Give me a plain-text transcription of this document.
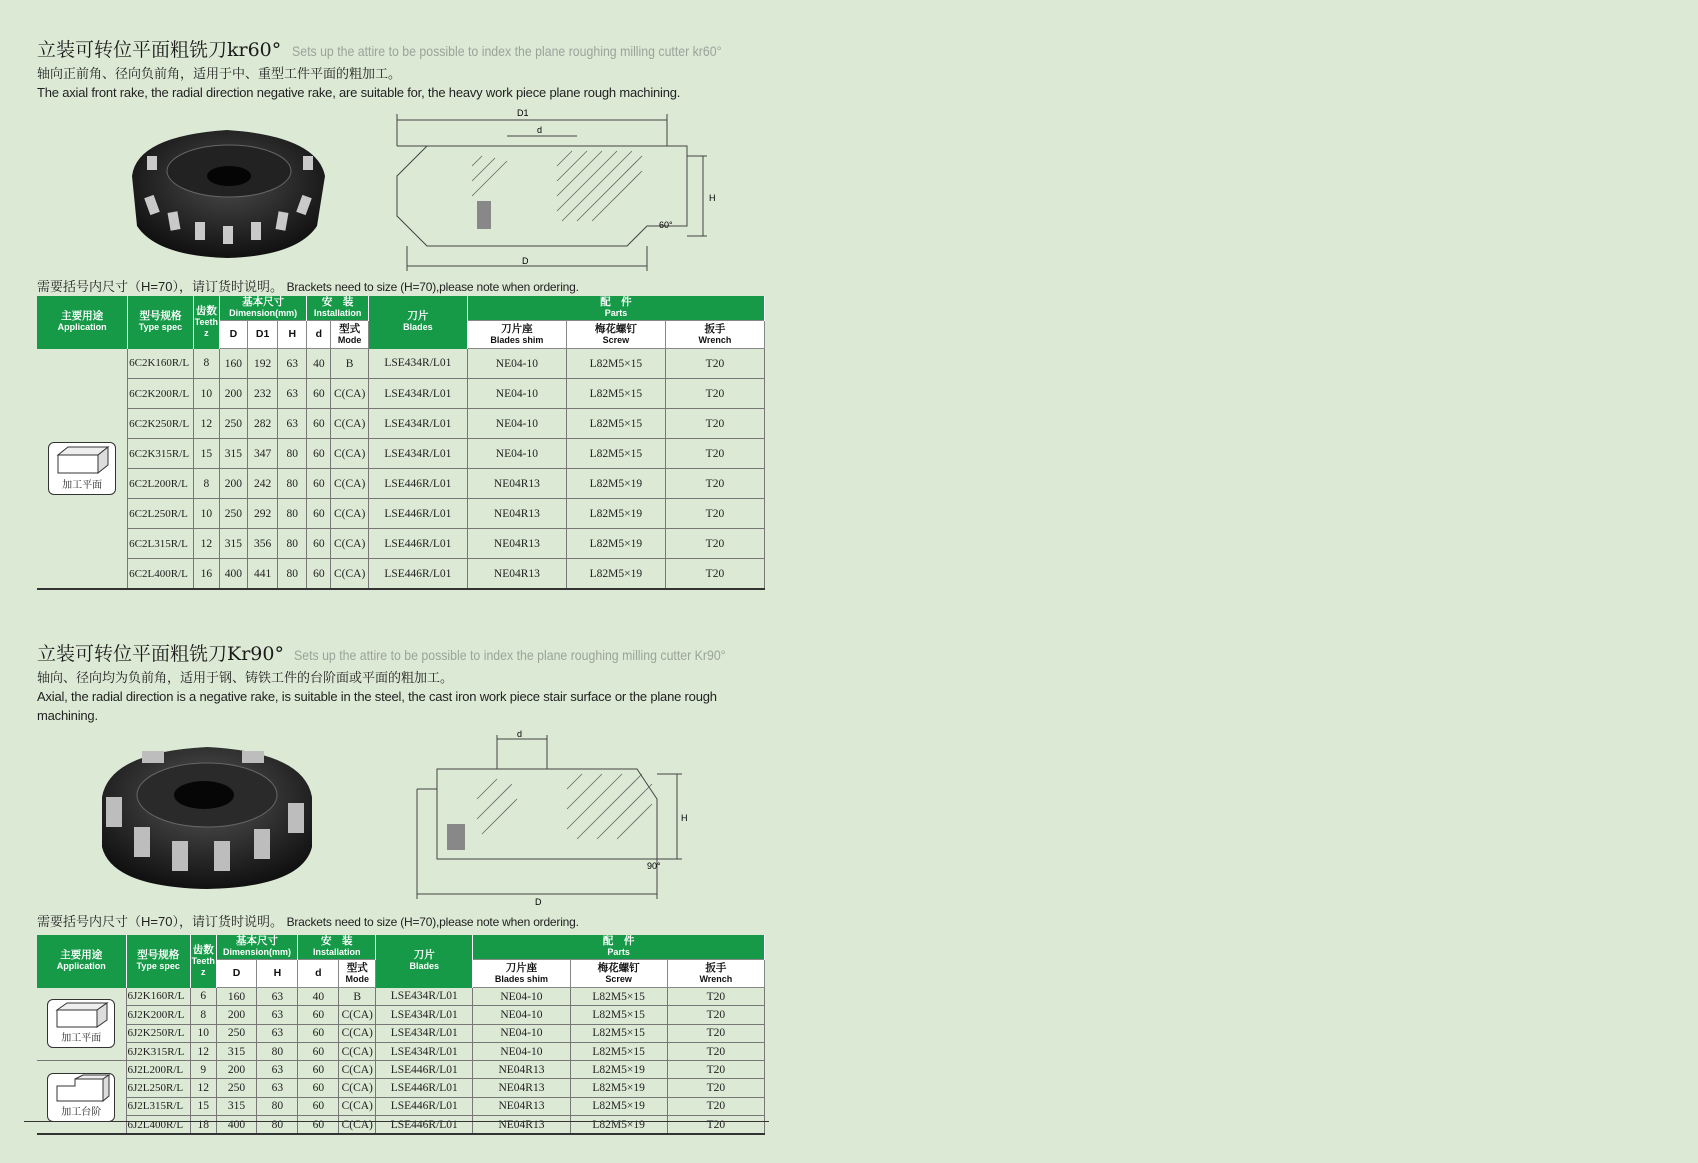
立装可转位平面粗铣刀kr60° Sets up the attire to be possible to index the plane roughing milling cutter kr60°
轴向正前角、径向负前角，适用于中、重型工件平面的粗加工。
The axial front rake, the radial direction negative rake, are suitable for, the heavy work piece plane rough machining.
D1
d
H
D
60°
需要括号内尺寸（H=70），请订货时说明。 Brackets need to size (H=70),please note when ordering.
主要用途
Application	型号规格
Type spec	齿数
Teeth
z	基本尺寸
Dimension(mm)			安　装
Installation		刀片
Blades	配　件
Parts		

			D	D1	H	d	型式
Mode		刀片座
Blades shim	梅花螺钉
Screw	扳手
Wrench

加工平面	6C2K160R/L	8	160	192	63	40	B	LSE434R/L01	NE04-10	L82M5×15	T20
	6C2K200R/L	10	200	232	63	60	C(CA)	LSE434R/L01	NE04-10	L82M5×15	T20
	6C2K250R/L	12	250	282	63	60	C(CA)	LSE434R/L01	NE04-10	L82M5×15	T20
	6C2K315R/L	15	315	347	80	60	C(CA)	LSE434R/L01	NE04-10	L82M5×15	T20
	6C2L200R/L	8	200	242	80	60	C(CA)	LSE446R/L01	NE04R13	L82M5×19	T20
	6C2L250R/L	10	250	292	80	60	C(CA)	LSE446R/L01	NE04R13	L82M5×19	T20
	6C2L315R/L	12	315	356	80	60	C(CA)	LSE446R/L01	NE04R13	L82M5×19	T20
	6C2L400R/L	16	400	441	80	60	C(CA)	LSE446R/L01	NE04R13	L82M5×19	T20
立装可转位平面粗铣刀Kr90° Sets up the attire to be possible to index the plane roughing milling cutter Kr90°
轴向、径向均为负前角，适用于钢、铸铁工件的台阶面或平面的粗加工。
Axial, the radial direction is a negative rake, is suitable in the steel, the cast iron work piece stair surface or the plane rough machining.
d
H
D
90°
需要括号内尺寸（H=70），请订货时说明。 Brackets need to size (H=70),please note when ordering.
主要用途
Application	型号规格
Type spec	齿数
Teeth
z	基本尺寸
Dimension(mm)		安　装
Installation		刀片
Blades	配　件
Parts		

			D	H	d	型式
Mode		刀片座
Blades shim	梅花螺钉
Screw	扳手
Wrench

加工平面	6J2K160R/L	6	160	63	40	B	LSE434R/L01	NE04-10	L82M5×15	T20
	6J2K200R/L	8	200	63	60	C(CA)	LSE434R/L01	NE04-10	L82M5×15	T20
	6J2K250R/L	10	250	63	60	C(CA)	LSE434R/L01	NE04-10	L82M5×15	T20
	6J2K315R/L	12	315	80	60	C(CA)	LSE434R/L01	NE04-10	L82M5×15	T20

加工台阶	6J2L200R/L	9	200	63	60	C(CA)	LSE446R/L01	NE04R13	L82M5×19	T20
	6J2L250R/L	12	250	63	60	C(CA)	LSE446R/L01	NE04R13	L82M5×19	T20
	6J2L315R/L	15	315	80	60	C(CA)	LSE446R/L01	NE04R13	L82M5×19	T20
	6J2L400R/L	18	400	80	60	C(CA)	LSE446R/L01	NE04R13	L82M5×19	T20
